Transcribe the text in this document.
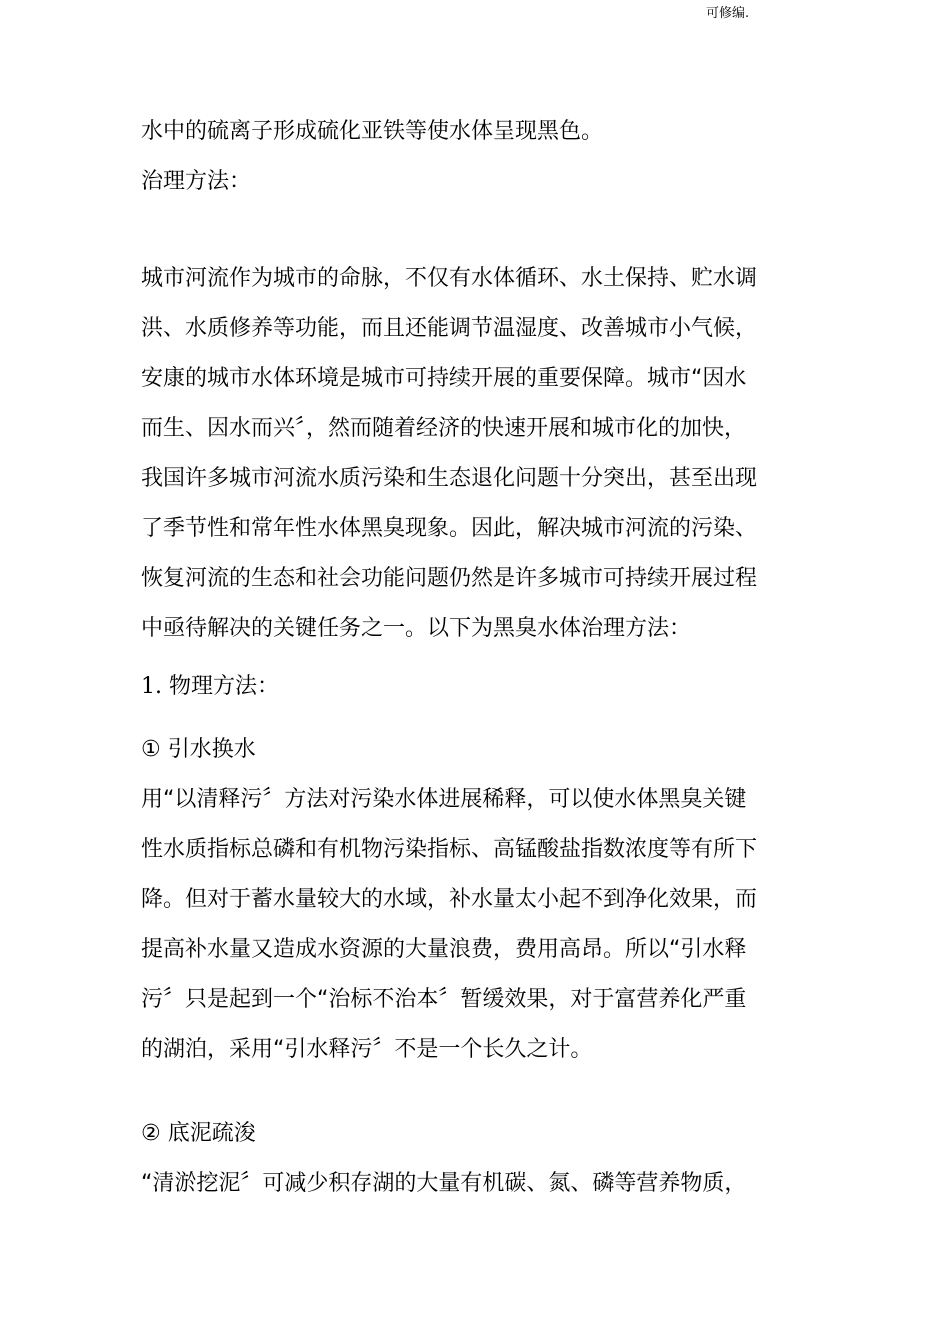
可修编.
水中的硫离子形成硫化亚铁等使水体呈现黑色。
治理方法：
城市河流作为城市的命脉，不仅有水体循环、水土保持、贮水调
洪、水质修养等功能，而且还能调节温湿度、改善城市小气候，
安康的城市水体环境是城市可持续开展的重要保障。城市“因水
而生、因水而兴〞，然而随着经济的快速开展和城市化的加快，
我国许多城市河流水质污染和生态退化问题十分突出，甚至出现
了季节性和常年性水体黑臭现象。因此，解决城市河流的污染、
恢复河流的生态和社会功能问题仍然是许多城市可持续开展过程
中亟待解决的关键任务之一。以下为黑臭水体治理方法：
1. 物理方法：
① 引水换水
用“以清释污〞方法对污染水体进展稀释，可以使水体黑臭关键
性水质指标总磷和有机物污染指标、高锰酸盐指数浓度等有所下
降。但对于蓄水量较大的水域，补水量太小起不到净化效果，而
提高补水量又造成水资源的大量浪费，费用高昂。所以“引水释
污〞只是起到一个“治标不治本〞暂缓效果，对于富营养化严重
的湖泊，采用“引水释污〞不是一个长久之计。
② 底泥疏浚
“清淤挖泥〞可减少积存湖的大量有机碳、氮、磷等营养物质，
